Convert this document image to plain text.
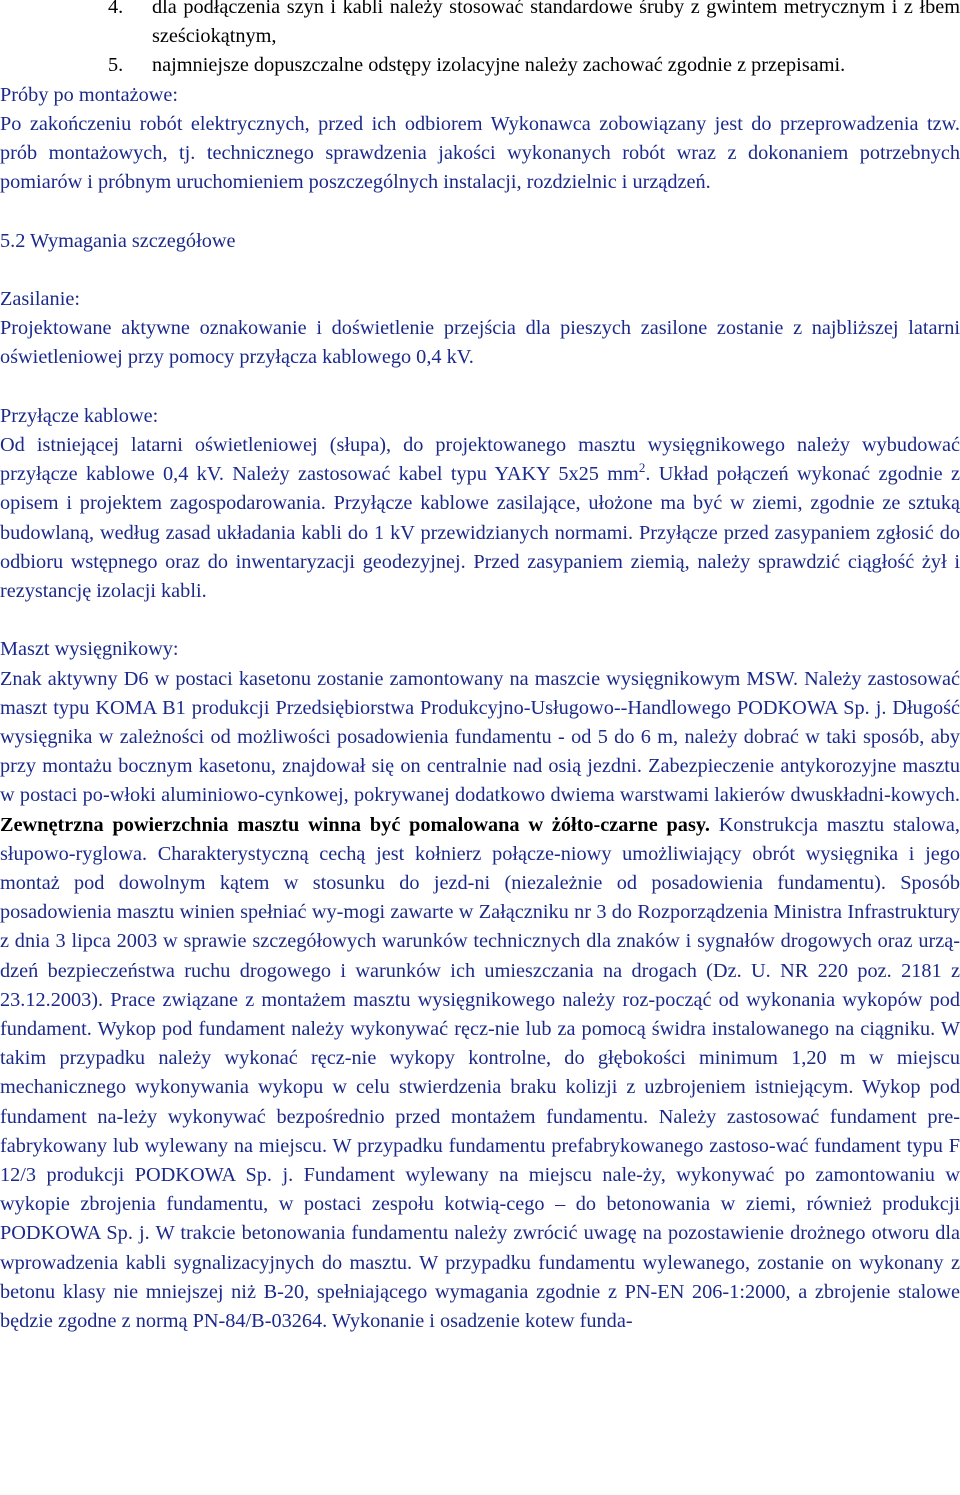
4.	dla podłączenia szyn i kabli należy stosować standardowe śruby z gwintem metrycznym i z łbem sześciokątnym,
5.	najmniejsze dopuszczalne odstępy izolacyjne należy zachować zgodnie z przepisami.

Próby po montażowe:

Po zakończeniu robót elektrycznych, przed ich odbiorem Wykonawca zobowiązany jest do przeprowadzenia tzw. prób montażowych, tj. technicznego sprawdzenia jakości wykonanych robót wraz z dokonaniem potrzebnych pomiarów i próbnym uruchomieniem poszczególnych instalacji, rozdzielnic i urządzeń.

5.2 Wymagania szczegółowe

Zasilanie:

Projektowane aktywne oznakowanie i doświetlenie przejścia dla pieszych zasilone zostanie z najbliższej latarni oświetleniowej przy pomocy przyłącza kablowego 0,4 kV.

Przyłącze kablowe:

Od istniejącej latarni oświetleniowej (słupa), do projektowanego masztu wysięgnikowego należy wybudować przyłącze kablowe 0,4 kV. Należy zastosować kabel typu YAKY 5x25 $mm^2$. Układ połączeń wykonać zgodnie z opisem i projektem zagospodarowania. Przyłącze kablowe zasilające, ułożone ma być w ziemi, zgodnie ze sztuką budowlaną, według zasad układania kabli do 1 kV przewidzianych normami. Przyłącze przed zasypaniem zgłosić do odbioru wstępnego oraz do inwentaryzacji geodezyjnej. Przed zasypaniem ziemią, należy sprawdzić ciągłość żył i rezystancję izolacji kabli.

Maszt wysięgnikowy:

Znak aktywny D6 w postaci kasetonu zostanie zamontowany na maszcie wysięgnikowym MSW. Należy zastosować maszt typu KOMA B1 produkcji Przedsiębiorstwa Produkcyjno-Usługowo--Handlowego PODKOWA Sp. j. Długość wysięgnika w zależności od możliwości posadowienia fundamentu - od 5 do 6 m, należy dobrać w taki sposób, aby przy montażu bocznym kasetonu, znajdował się on centralnie nad osią jezdni. Zabezpieczenie antykorozyjne masztu w postaci po-włoki aluminiowo-cynkowej, pokrywanej dodatkowo dwiema warstwami lakierów dwuskładni-kowych. Zewnętrzna powierzchnia masztu winna być pomalowana w żółto-czarne pasy. Konstrukcja masztu stalowa, słupowo-ryglowa. Charakterystyczną cechą jest kołnierz połącze-niowy umożliwiający obrót wysięgnika i jego montaż pod dowolnym kątem w stosunku do jezd-ni (niezależnie od posadowienia fundamentu). Sposób posadowienia masztu winien spełniać wy-mogi zawarte w Załączniku nr 3 do Rozporządzenia Ministra Infrastruktury z dnia 3 lipca 2003 w sprawie szczegółowych warunków technicznych dla znaków i sygnałów drogowych oraz urzą-dzeń bezpieczeństwa ruchu drogowego i warunków ich umieszczania na drogach (Dz. U. NR 220 poz. 2181 z 23.12.2003). Prace związane z montażem masztu wysięgnikowego należy roz-począć od wykonania wykopów pod fundament. Wykop pod fundament należy wykonywać ręcz-nie lub za pomocą świdra instalowanego na ciągniku. W takim przypadku należy wykonać ręcz-nie wykopy kontrolne, do głębokości minimum 1,20 m w miejscu mechanicznego wykonywania wykopu w celu stwierdzenia braku kolizji z uzbrojeniem istniejącym. Wykop pod fundament na-leży wykonywać bezpośrednio przed montażem fundamentu. Należy zastosować fundament pre-fabrykowany lub wylewany na miejscu. W przypadku fundamentu prefabrykowanego zastoso-wać fundament typu F 12/3 produkcji PODKOWA Sp. j. Fundament wylewany na miejscu nale-ży, wykonywać po zamontowaniu w wykopie zbrojenia fundamentu, w postaci zespołu kotwią-cego – do betonowania w ziemi, również produkcji PODKOWA Sp. j. W trakcie betonowania fundamentu należy zwrócić uwagę na pozostawienie drożnego otworu dla wprowadzenia kabli sygnalizacyjnych do masztu. W przypadku fundamentu wylewanego, zostanie on wykonany z betonu klasy nie mniejszej niż B-20, spełniającego wymagania zgodnie z PN-EN 206-1:2000, a zbrojenie stalowe będzie zgodne z normą PN-84/B-03264. Wykonanie i osadzenie kotew funda-
